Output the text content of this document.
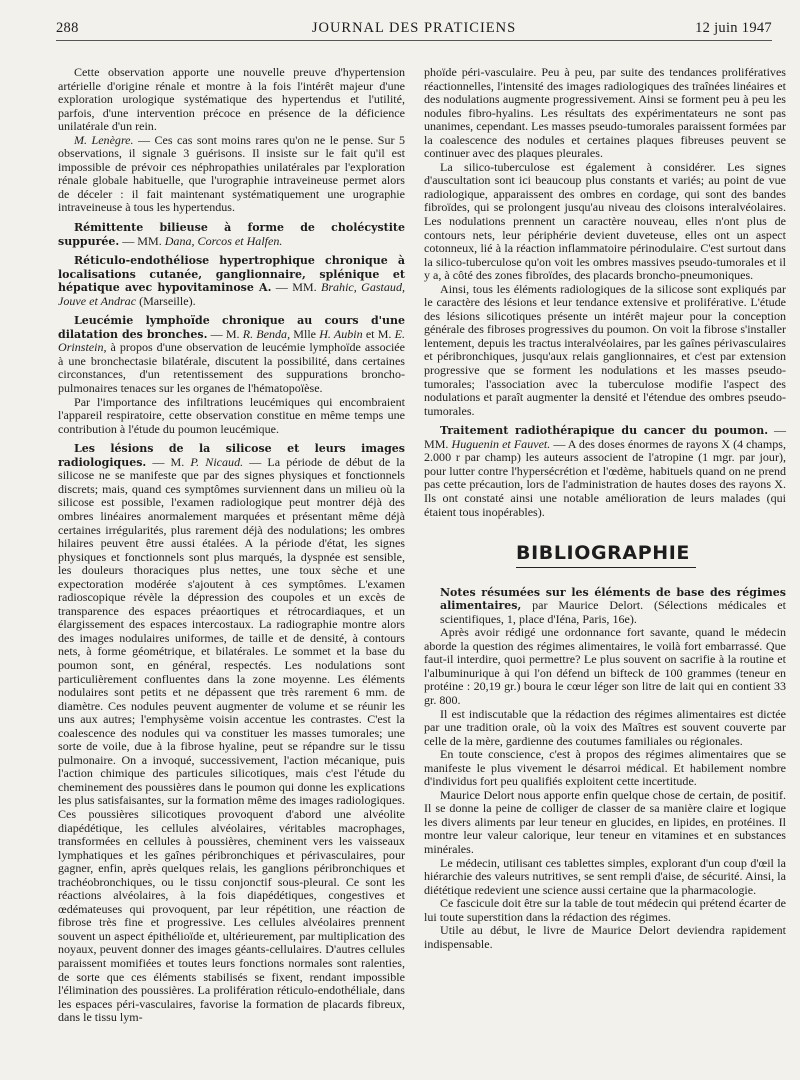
288	JOURNAL DES PRATICIENS	12 juin 1947

Cette observation apporte une nouvelle preuve d'hypertension artérielle d'origine rénale et montre à la fois l'intérêt majeur d'une exploration urologique systématique des hypertendus et l'utilité, parfois, d'une intervention précoce en présence de la déficience unilatérale d'un rein.

M. Lenègre. — Ces cas sont moins rares qu'on ne le pense. Sur 5 observations, il signale 3 guérisons. Il insiste sur le fait qu'il est impossible de prévoir ces néphropathies unilatérales par l'exploration rénale globale habituelle, que l'urographie intraveineuse permet alors de déceler : il fait maintenant systématiquement une urographie intraveineuse à tous les hypertendus.

Rémittente bilieuse à forme de cholécystite suppurée. — MM. Dana, Corcos et Halfen.

Réticulo-endothéliose hypertrophique chronique à localisations cutanée, ganglionnaire, splénique et hépatique avec hypovitaminose A. — MM. Brahic, Gastaud, Jouve et Andrac (Marseille).

Leucémie lymphoïde chronique au cours d'une dilatation des bronches. — M. R. Benda, Mlle H. Aubin et M. E. Orinstein, à propos d'une observation de leucémie lymphoïde associée à une bronchectasie bilatérale, discutent la possibilité, dans certaines circonstances, d'un retentissement des suppurations broncho-pulmonaires tenaces sur les organes de l'hématopoïèse.

Par l'importance des infiltrations leucémiques qui encombraient l'appareil respiratoire, cette observation constitue en même temps une contribution à l'étude du poumon leucémique.

Les lésions de la silicose et leurs images radiologiques. — M. P. Nicaud. — La période de début de la silicose ne se manifeste que par des signes physiques et fonctionnels discrets; mais, quand ces symptômes surviennent dans un milieu où la silicose est possible, l'examen radiologique peut montrer déjà des ombres linéaires anormalement marquées et présentant même déjà certaines irrégularités, plus rarement déjà des nodulations; les ombres hilaires peuvent être aussi étalées. A la période d'état, les signes physiques et fonctionnels sont plus marqués, la dyspnée est sensible, les douleurs thoraciques plus nettes, une toux sèche et une expectoration modérée s'ajoutent à ces symptômes. L'examen radioscopique révèle la dépression des coupoles et un excès de transparence des espaces préaortiques et rétrocardiaques, et un élargissement des espaces intercostaux. La radiographie montre alors des images nodulaires uniformes, de taille et de densité, à contours nets, à forme géométrique, et bilatérales. Le sommet et la base du poumon sont, en général, respectés. Les nodulations sont particulièrement confluentes dans la zone moyenne. Les éléments nodulaires sont petits et ne dépassent que très rarement 6 mm. de diamètre. Ces nodules peuvent augmenter de volume et se réunir les uns aux autres; l'emphysème voisin accentue les contrastes. C'est la coalescence des nodules qui va constituer les masses tumorales; une sorte de voile, due à la fibrose hyaline, peut se répandre sur le tissu pulmonaire. On a invoqué, successivement, l'action mécanique, puis l'action chimique des particules silicotiques, mais c'est l'étude du cheminement des poussières dans le poumon qui donne les explications les plus satisfaisantes, sur la formation même des images radiologiques. Ces poussières silicotiques provoquent d'abord une alvéolite diapédétique, les cellules alvéolaires, véritables macrophages, transformées en cellules à poussières, cheminent vers les vaisseaux lymphatiques et les gaînes péribronchiques et périvasculaires, pour gagner, enfin, après quelques relais, les ganglions péribronchiques et trachéobronchiques, ou le tissu conjonctif sous-pleural. Ce sont les réactions alvéolaires, à la fois diapédétiques, congestives et œdémateuses qui provoquent, par leur répétition, une réaction de fibrose très fine et progressive. Les cellules alvéolaires prennent souvent un aspect épithélioïde et, ultérieurement, par multiplication des noyaux, peuvent donner des images géants-cellulaires. D'autres cellules paraissent momifiées et toutes leurs fonctions normales sont ralenties, de sorte que ces éléments stabilisés se fixent, rendant impossible l'élimination des poussières. La prolifération réticulo-endothéliale, dans les espaces péri-vasculaires, favorise la formation de placards fibreux, dans le tissu lym-

phoïde péri-vasculaire. Peu à peu, par suite des tendances prolifératives réactionnelles, l'intensité des images radiologiques des traînées linéaires et des nodulations augmente progressivement. Ainsi se forment peu à peu les nodules fibro-hyalins. Les résultats des expérimentateurs ne sont pas unanimes, cependant. Les masses pseudo-tumorales paraissent formées par la coalescence des nodules et certaines plaques fibreuses peuvent se continuer avec des plaques pleurales.

La silico-tuberculose est également à considérer. Les signes d'auscultation sont ici beaucoup plus constants et variés; au point de vue radiologique, apparaissent des ombres en cordage, qui sont des bandes fibroïdes, qui se prolongent jusqu'au niveau des cloisons interalvéolaires. Les nodulations prennent un caractère nouveau, elles n'ont plus de contours nets, leur périphérie devient duveteuse, elles ont un aspect cotonneux, lié à la réaction inflammatoire périnodulaire. C'est surtout dans la silico-tuberculose qu'on voit les ombres massives pseudo-tumorales et il y a, à côté des zones fibroïdes, des placards broncho-pneumoniques.

Ainsi, tous les éléments radiologiques de la silicose sont expliqués par le caractère des lésions et leur tendance extensive et proliférative. L'étude des lésions silicotiques présente un intérêt majeur pour la conception générale des fibroses progressives du poumon. On voit la fibrose s'installer lentement, depuis les tractus interalvéolaires, par les gaînes périvasculaires et péribronchiques, jusqu'aux relais ganglionnaires, et c'est par extension progressive que se forment les nodulations et les masses pseudo-tumorales; l'association avec la tuberculose modifie l'aspect des nodulations et paraît augmenter la densité et l'étendue des ombres pseudo-tumorales.

Traitement radiothérapique du cancer du poumon. — MM. Huguenin et Fauvet. — A des doses énormes de rayons X (4 champs, 2.000 r par champ) les auteurs associent de l'atropine (1 mgr. par jour), pour lutter contre l'hypersécrétion et l'œdème, habituels quand on ne prend pas cette précaution, lors de l'administration de hautes doses des rayons X. Ils ont constaté ainsi une notable amélioration de leurs malades (qui étaient tous inopérables).

BIBLIOGRAPHIE

Notes résumées sur les éléments de base des régimes alimentaires, par Maurice Delort. (Sélections médicales et scientifiques, 1, place d'Iéna, Paris, 16e).

Après avoir rédigé une ordonnance fort savante, quand le médecin aborde la question des régimes alimentaires, le voilà fort embarrassé. Que faut-il interdire, quoi permettre? Le plus souvent on sacrifie à la routine et l'albuminurique à qui l'on défend un bifteck de 100 grammes (teneur en protéine : 20,19 gr.) boura le cœur léger son litre de lait qui en contient 33 gr. 800.

Il est indiscutable que la rédaction des régimes alimentaires est dictée par une tradition orale, où la voix des Maîtres est souvent couverte par celle de la mère, gardienne des coutumes familiales ou régionales.

En toute conscience, c'est à propos des régimes alimentaires que se manifeste le plus vivement le désarroi médical. Et habilement nombre d'individus fort peu qualifiés exploitent cette incertitude.

Maurice Delort nous apporte enfin quelque chose de certain, de positif. Il se donne la peine de colliger de classer de sa manière claire et logique les divers aliments par leur teneur en glucides, en lipides, en protéines. Il montre leur valeur calorique, leur teneur en vitamines et en substances minérales.

Le médecin, utilisant ces tablettes simples, explorant d'un coup d'œil la hiérarchie des valeurs nutritives, se sent rempli d'aise, de sécurité. Ainsi, la diététique redevient une science aussi certaine que la pharmacologie.

Ce fascicule doit être sur la table de tout médecin qui prétend écarter de lui toute superstition dans la rédaction des régimes.

Utile au début, le livre de Maurice Delort deviendra rapidement indispensable.
